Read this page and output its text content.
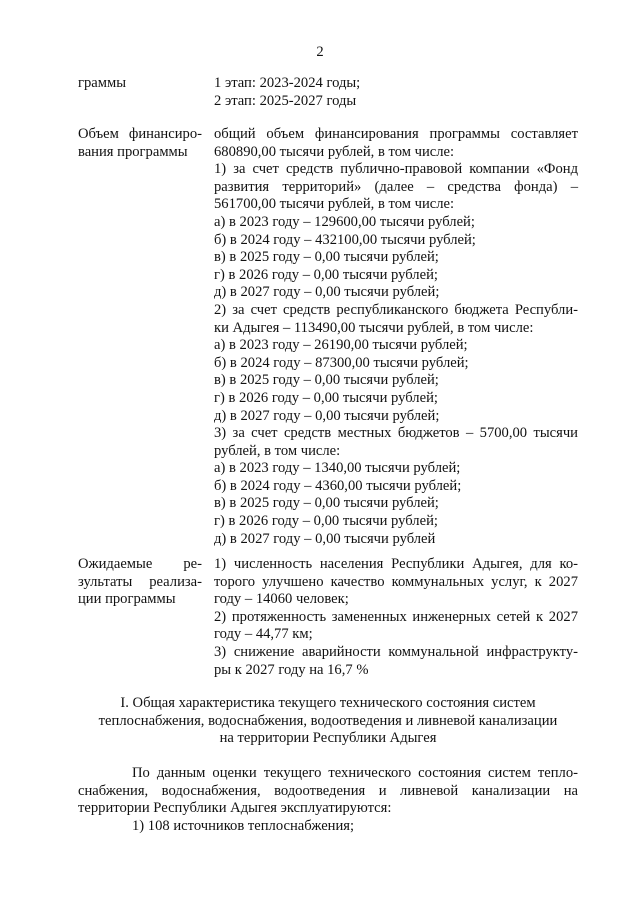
2
граммы	1 этап: 2023-2024 годы;
2 этап: 2025-2027 годы
Объем финансиро-
вания программы
общий объем финансирования программы составляет
680890,00 тысячи рублей, в том числе:
1) за счет средств публично-правовой компании «Фонд
развития территорий» (далее – средства фонда) –
561700,00 тысячи рублей, в том числе:
а) в 2023 году – 129600,00 тысячи рублей;
б) в 2024 году – 432100,00 тысячи рублей;
в) в 2025 году – 0,00 тысячи рублей;
г) в 2026 году – 0,00 тысячи рублей;
д) в 2027 году – 0,00 тысячи рублей;
2) за счет средств республиканского бюджета Республи-
ки Адыгея – 113490,00 тысячи рублей, в том числе:
а) в 2023 году – 26190,00 тысячи рублей;
б) в 2024 году – 87300,00 тысячи рублей;
в) в 2025 году – 0,00 тысячи рублей;
г) в 2026 году – 0,00 тысячи рублей;
д) в 2027 году – 0,00 тысячи рублей;
3) за счет средств местных бюджетов – 5700,00 тысячи
рублей, в том числе:
а) в 2023 году – 1340,00 тысячи рублей;
б) в 2024 году – 4360,00 тысячи рублей;
в) в 2025 году – 0,00 тысячи рублей;
г) в 2026 году – 0,00 тысячи рублей;
д) в 2027 году – 0,00 тысячи рублей
Ожидаемые ре-
зультаты реализа-
ции программы
1) численность населения Республики Адыгея, для ко-
торого улучшено качество коммунальных услуг, к 2027
году – 14060 человек;
2) протяженность замененных инженерных сетей к 2027
году – 44,77 км;
3) снижение аварийности коммунальной инфраструкту-
ры к 2027 году на 16,7 %
I. Общая характеристика текущего технического состояния систем
теплоснабжения, водоснабжения, водоотведения и ливневой канализации
на территории Республики Адыгея
По данным оценки текущего технического состояния систем тепло-
снабжения, водоснабжения, водоотведения и ливневой канализации на
территории Республики Адыгея эксплуатируются:
1) 108 источников теплоснабжения;
